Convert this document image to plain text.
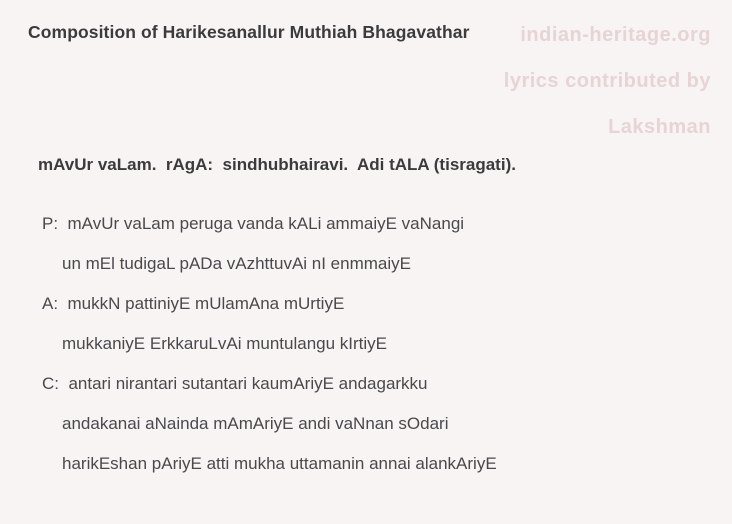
Composition of Harikesanallur Muthiah Bhagavathar	indian-heritage.org
lyrics contributed by
Lakshman

mAvUr vaLam.  rAgA:  sindhubhairavi.  Adi tALA (tisragati).

P:  mAvUr vaLam peruga vanda kALi ammaiyE vaNangi
un mEl tudigaL pADa vAzhttuvAi nI enmmaiyE
A:  mukkN pattiniyE mUlamAna mUrtiyE
mukkaniyE ErkkaruLvAi muntulangu kIrtiyE
C:  antari nirantari sutantari kaumAriyE andagarkku
andakanai aNainda mAmAriyE andi vaNnan sOdari
harikEshan pAriyE atti mukha uttamanin annai alankAriyE
